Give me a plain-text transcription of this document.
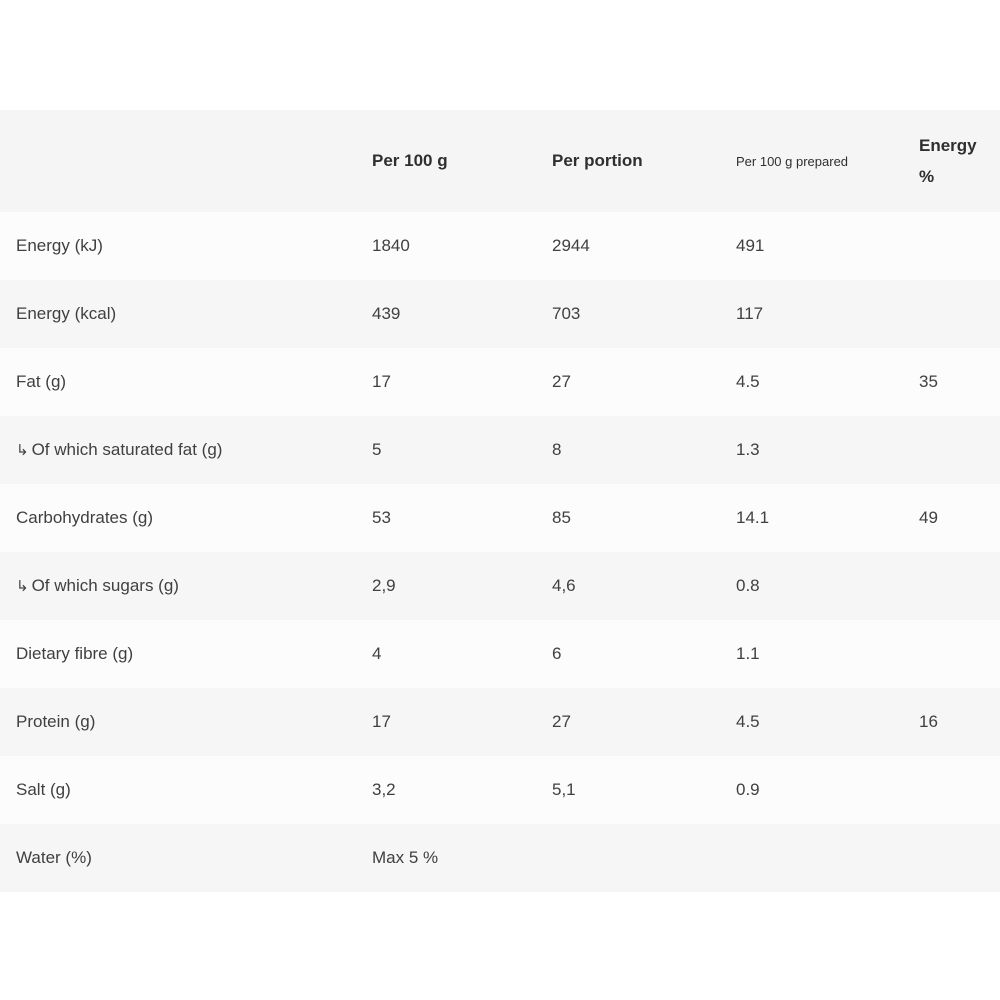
	Per 100 g	Per portion	Per 100 g prepared	Energy %
Energy (kJ)	1840	2944	491	
Energy (kcal)	439	703	117	
Fat (g)	17	27	4.5	35
↳ Of which saturated fat (g)	5	8	1.3	
Carbohydrates (g)	53	85	14.1	49
↳ Of which sugars (g)	2,9	4,6	0.8	
Dietary fibre (g)	4	6	1.1	
Protein (g)	17	27	4.5	16
Salt (g)	3,2	5,1	0.9	
Water (%)	Max 5 %			
